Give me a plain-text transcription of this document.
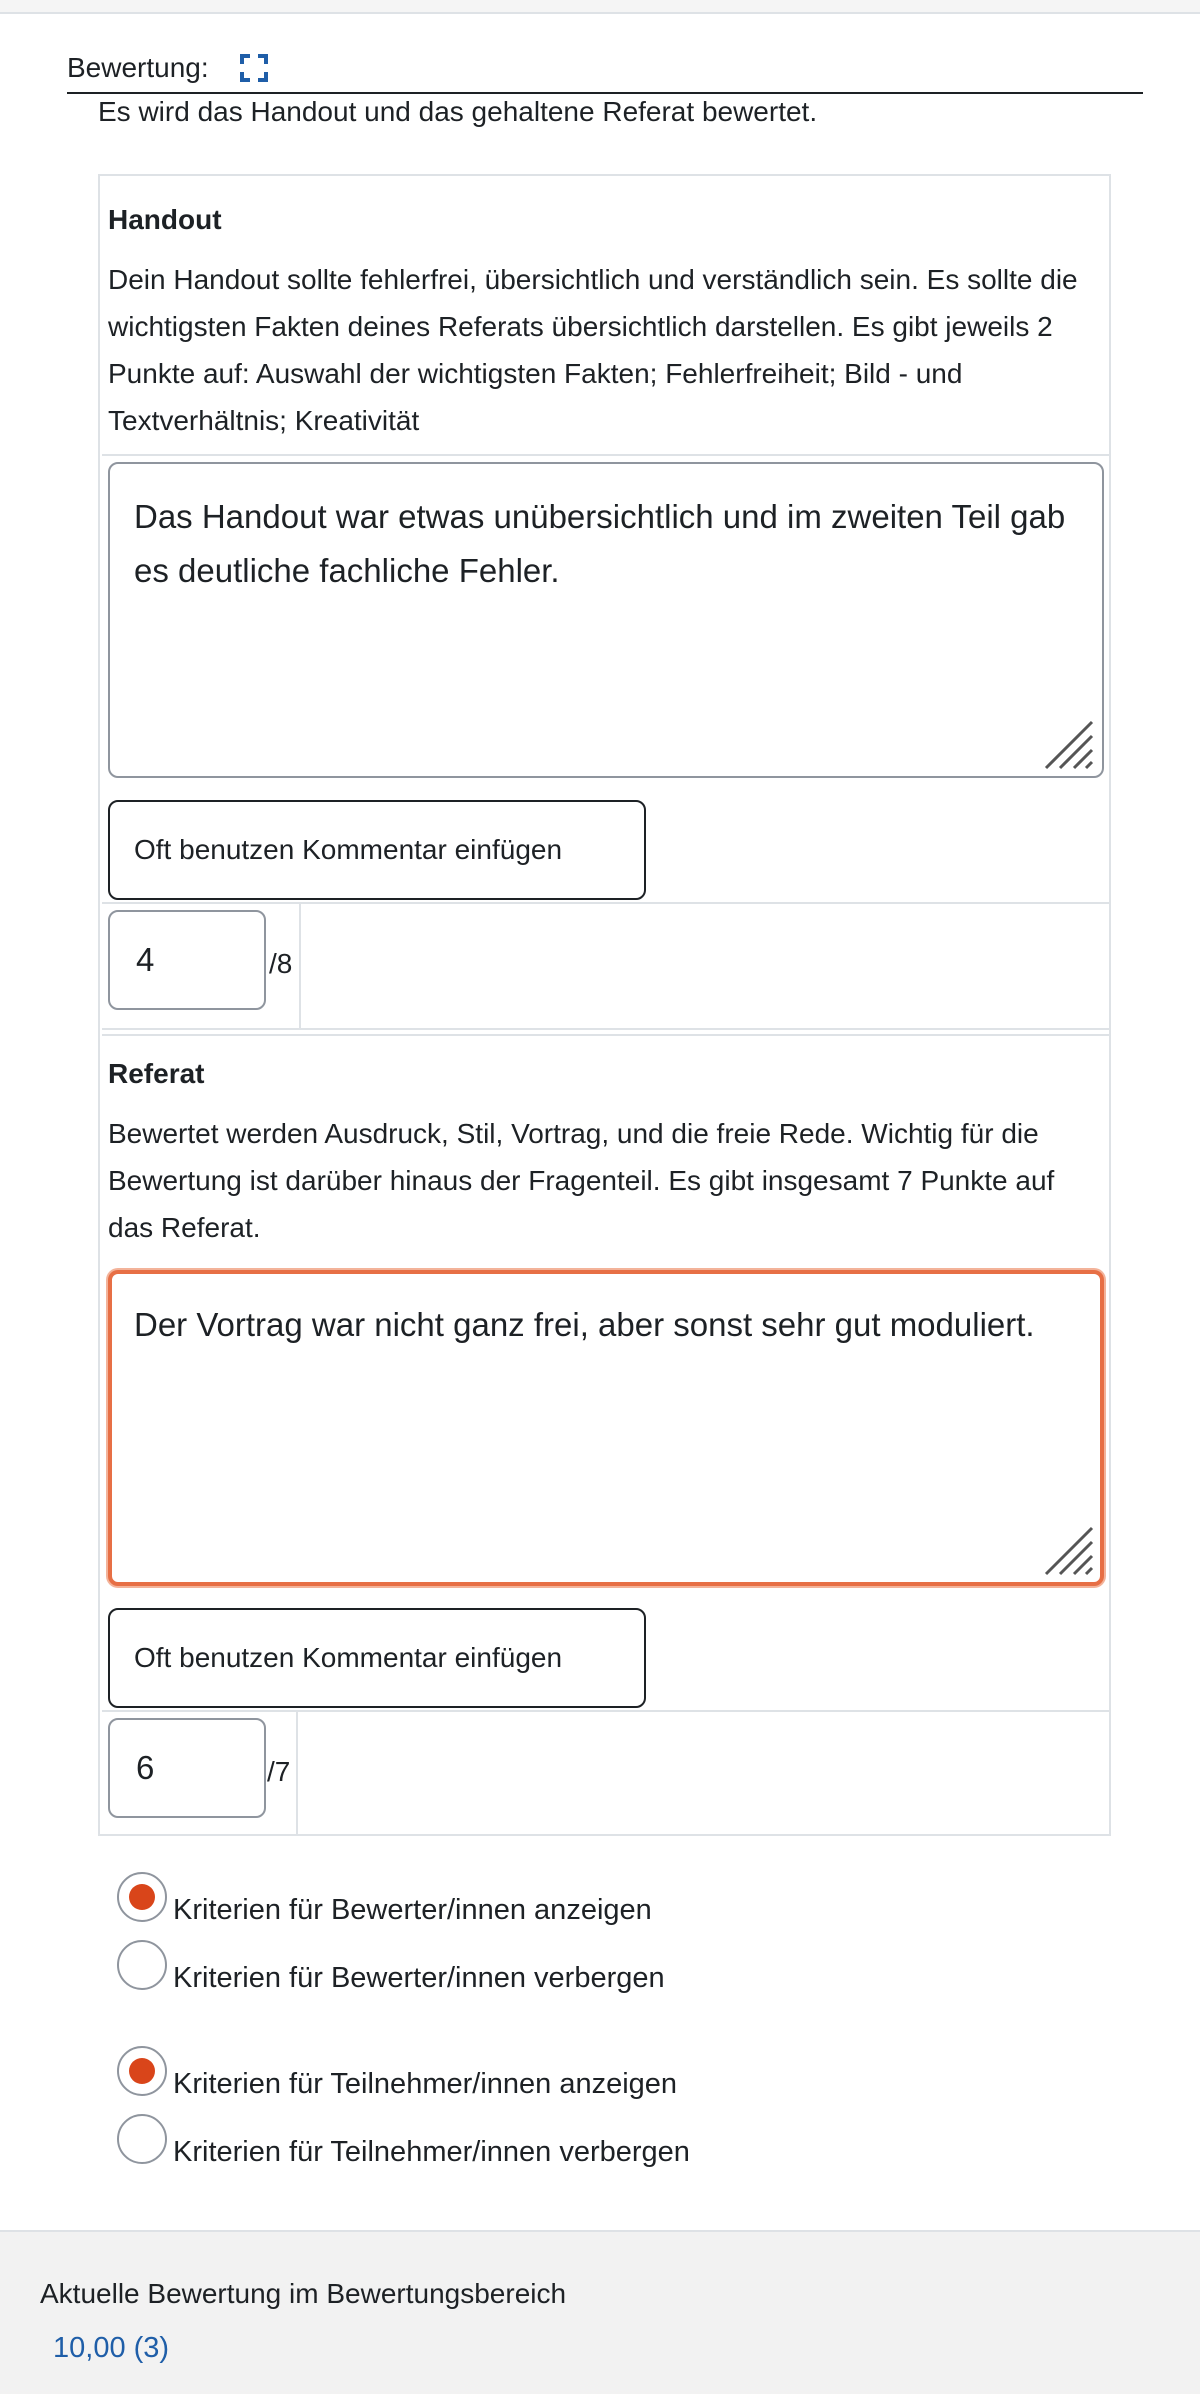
Bewertung:
Es wird das Handout und das gehaltene Referat bewertet.
Handout
Dein Handout sollte fehlerfrei, übersichtlich und verständlich sein. Es sollte die wichtigsten Fakten deines Referats übersichtlich darstellen. Es gibt jeweils 2 Punkte auf: Auswahl der wichtigsten Fakten; Fehlerfreiheit; Bild - und Textverhältnis; Kreativität
Das Handout war etwas unübersichtlich und im zweiten Teil gab es deutliche fachliche Fehler.
Oft benutzen Kommentar einfügen
4
/8
Referat
Bewertet werden Ausdruck, Stil, Vortrag, und die freie Rede. Wichtig für die Bewertung ist darüber hinaus der Fragenteil. Es gibt insgesamt 7 Punkte auf das Referat.
Der Vortrag war nicht ganz frei, aber sonst sehr gut moduliert.
Oft benutzen Kommentar einfügen
6
/7
Kriterien für Bewerter/innen anzeigen
Kriterien für Bewerter/innen verbergen
Kriterien für Teilnehmer/innen anzeigen
Kriterien für Teilnehmer/innen verbergen
Aktuelle Bewertung im Bewertungsbereich
10,00 (3)
